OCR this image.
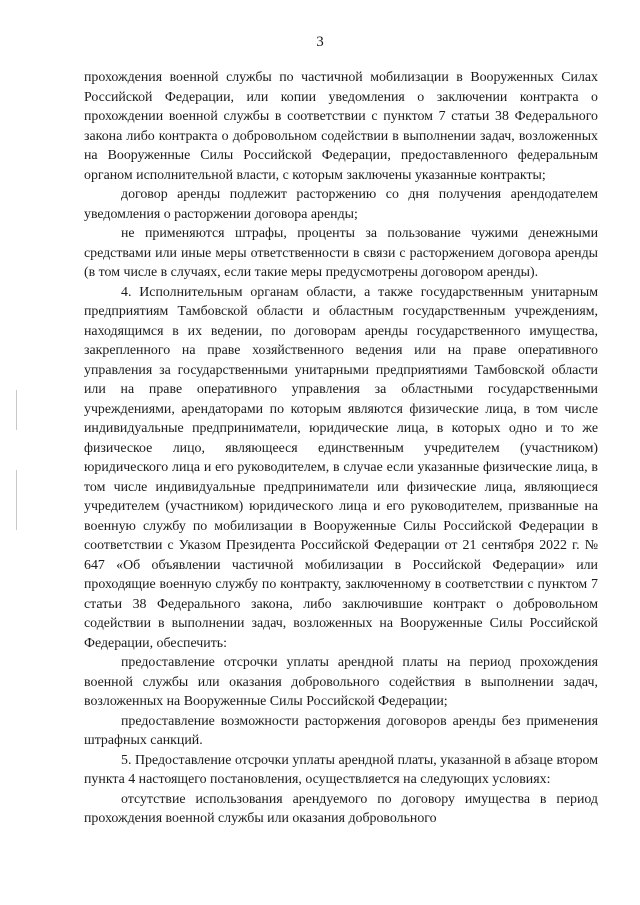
3

прохождения военной службы по частичной мобилизации в Вооруженных Силах Российской Федерации, или копии уведомления о заключении контракта о прохождении военной службы в соответствии с пунктом 7 статьи 38 Федерального закона либо контракта о добровольном содействии в выполнении задач, возложенных на Вооруженные Силы Российской Федерации, предоставленного федеральным органом исполнительной власти, с которым заключены указанные контракты;

договор аренды подлежит расторжению со дня получения арендодателем уведомления о расторжении договора аренды;

не применяются штрафы, проценты за пользование чужими денежными средствами или иные меры ответственности в связи с расторжением договора аренды (в том числе в случаях, если такие меры предусмотрены договором аренды).

4. Исполнительным органам области, а также государственным унитарным предприятиям Тамбовской области и областным государственным учреждениям, находящимся в их ведении, по договорам аренды государственного имущества, закрепленного на праве хозяйственного ведения или на праве оперативного управления за государственными унитарными предприятиями Тамбовской области или на праве оперативного управления за областными государственными учреждениями, арендаторами по которым являются физические лица, в том числе индивидуальные предприниматели, юридические лица, в которых одно и то же физическое лицо, являющееся единственным учредителем (участником) юридического лица и его руководителем, в случае если указанные физические лица, в том числе индивидуальные предприниматели или физические лица, являющиеся учредителем (участником) юридического лица и его руководителем, призванные на военную службу по мобилизации в Вооруженные Силы Российской Федерации в соответствии с Указом Президента Российской Федерации от 21 сентября 2022 г. № 647 «Об объявлении частичной мобилизации в Российской Федерации» или проходящие военную службу по контракту, заключенному в соответствии с пунктом 7 статьи 38 Федерального закона, либо заключившие контракт о добровольном содействии в выполнении задач, возложенных на Вооруженные Силы Российской Федерации, обеспечить:

предоставление отсрочки уплаты арендной платы на период прохождения военной службы или оказания добровольного содействия в выполнении задач, возложенных на Вооруженные Силы Российской Федерации;

предоставление возможности расторжения договоров аренды без применения штрафных санкций.

5. Предоставление отсрочки уплаты арендной платы, указанной в абзаце втором пункта 4 настоящего постановления, осуществляется на следующих условиях:

отсутствие использования арендуемого по договору имущества в период прохождения военной службы или оказания добровольного
